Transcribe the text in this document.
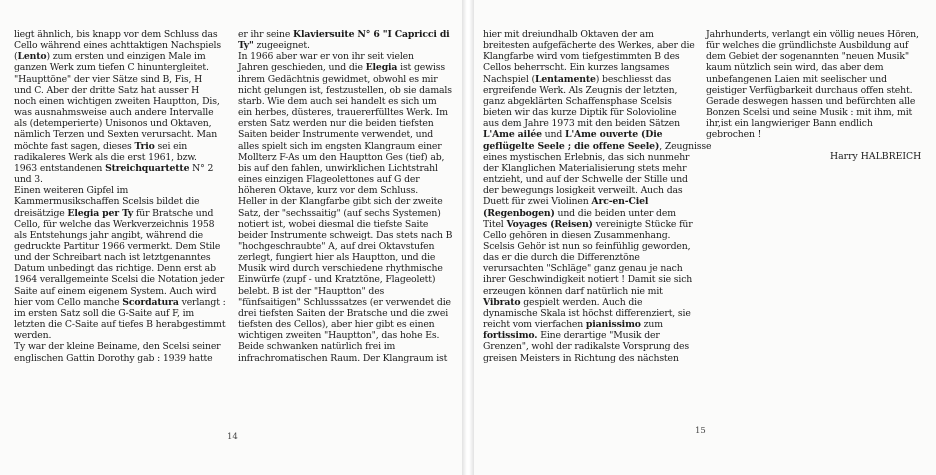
liegt ähnlich, bis knapp vor dem Schluss das
Cello während eines achttaktigen Nachspiels
(Lento) zum ersten und einzigen Male im
ganzen Werk zum tiefen C hinuntergleitet.
"Haupttöne" der vier Sätze sind B, Fis, H
und C. Aber der dritte Satz hat ausser H
noch einen wichtigen zweiten Hauptton, Dis,
was ausnahmsweise auch andere Intervalle
als (detemperierte) Unisonos und Oktaven,
nämlich Terzen und Sexten verursacht. Man
möchte fast sagen, dieses Trio sei ein
radikaleres Werk als die erst 1961, bzw.
1963 entstandenen Streichquartette N° 2
und 3.
Einen weiteren Gipfel im
Kammermusikschaffen Scelsis bildet die
dreisätzige Elegia per Ty für Bratsche und
Cello, für welche das Werkverzeichnis 1958
als Entstehungs jahr angibt, während die
gedruckte Partitur 1966 vermerkt. Dem Stile
und der Schreibart nach ist letztgenanntes
Datum unbedingt das richtige. Denn erst ab
1964 verallgemeinte Scelsi die Notation jeder
Saite auf einem eigenem System. Auch wird
hier vom Cello manche Scordatura verlangt :
im ersten Satz soll die G-Saite auf F, im
letzten die C-Saite auf tiefes B herabgestimmt
werden.
Ty war der kleine Beiname, den Scelsi seiner
englischen Gattin Dorothy gab : 1939 hatte
er ihr seine Klaviersuite N° 6 "I Capricci di
Ty" zugeeignet.
In 1966 aber war er von ihr seit vielen
Jahren geschieden, und die Elegia ist gewiss
ihrem Gedächtnis gewidmet, obwohl es mir
nicht gelungen ist, festzustellen, ob sie damals
starb. Wie dem auch sei handelt es sich um
ein herbes, düsteres, trauererfülltes Werk. Im
ersten Satz werden nur die beiden tiefsten
Saiten beider Instrumente verwendet, und
alles spielt sich im engsten Klangraum einer
Mollterz F-As um den Hauptton Ges (tief) ab,
bis auf den fahlen, unwirklichen Lichtstrahl
eines einzigen Flageolettones auf G der
höheren Oktave, kurz vor dem Schluss.
Heller in der Klangfarbe gibt sich der zweite
Satz, der "sechssaitig" (auf sechs Systemen)
notiert ist, wobei diesmal die tiefste Saite
beider Instrumente schweigt. Das stets nach B
"hochgeschraubte" A, auf drei Oktavstufen
zerlegt, fungiert hier als Hauptton, und die
Musik wird durch verschiedene rhythmische
Einwürfe (zupf - und Kratztöne, Flageolett)
belebt. B ist der "Hauptton" des
"fünfsaitigen" Schlusssatzes (er verwendet die
drei tiefsten Saiten der Bratsche und die zwei
tiefsten des Cellos), aber hier gibt es einen
wichtigen zweiten "Hauptton", das hohe Es.
Beide schwanken natürlich frei im
infrachromatischen Raum. Der Klangraum ist
14
hier mit dreiundhalb Oktaven der am
breitesten aufgefächerte des Werkes, aber die
Klangfarbe wird vom tiefgestimmten B des
Cellos beherrscht. Ein kurzes langsames
Nachspiel (Lentamente) beschliesst das
ergreifende Werk. Als Zeugnis der letzten,
ganz abgeklärten Schaffensphase Scelsis
bieten wir das kurze Diptik für Solovioline
aus dem Jahre 1973 mit den beiden Sätzen
L'Ame ailée und L'Ame ouverte (Die
geflügelte Seele ; die offene Seele), Zeugnisse
eines mystischen Erlebnis, das sich nunmehr
der Klanglichen Materialisierung stets mehr
entzieht, und auf der Schwelle der Stille und
der bewegungs losigkeit verweilt. Auch das
Duett für zwei Violinen Arc-en-Ciel
(Regenbogen) und die beiden unter dem
Titel Voyages (Reisen) vereinigte Stücke für
Cello gehören in diesen Zusammenhang.
Scelsis Gehör ist nun so feinfühlig geworden,
das er die durch die Differenztöne
verursachten "Schläge" ganz genau je nach
ihrer Geschwindigkeit notiert ! Damit sie sich
erzeugen können darf natürlich nie mit
Vibrato gespielt werden. Auch die
dynamische Skala ist höchst differenziert, sie
reicht vom vierfachen pianissimo zum
fortissimo. Eine derartige "Musik der
Grenzen", wohl der radikalste Vorsprung des
greisen Meisters in Richtung des nächsten
Jahrhunderts, verlangt ein völlig neues Hören,
für welches die gründlichste Ausbildung auf
dem Gebiet der sogenannten "neuen Musik"
kaum nützlich sein wird, das aber dem
unbefangenen Laien mit seelischer und
geistiger Verfügbarkeit durchaus offen steht.
Gerade deswegen hassen und befürchten alle
Bonzen Scelsi und seine Musik : mit ihm, mit
ihr,ist ein langwieriger Bann endlich
gebrochen !
Harry HALBREICH
15
